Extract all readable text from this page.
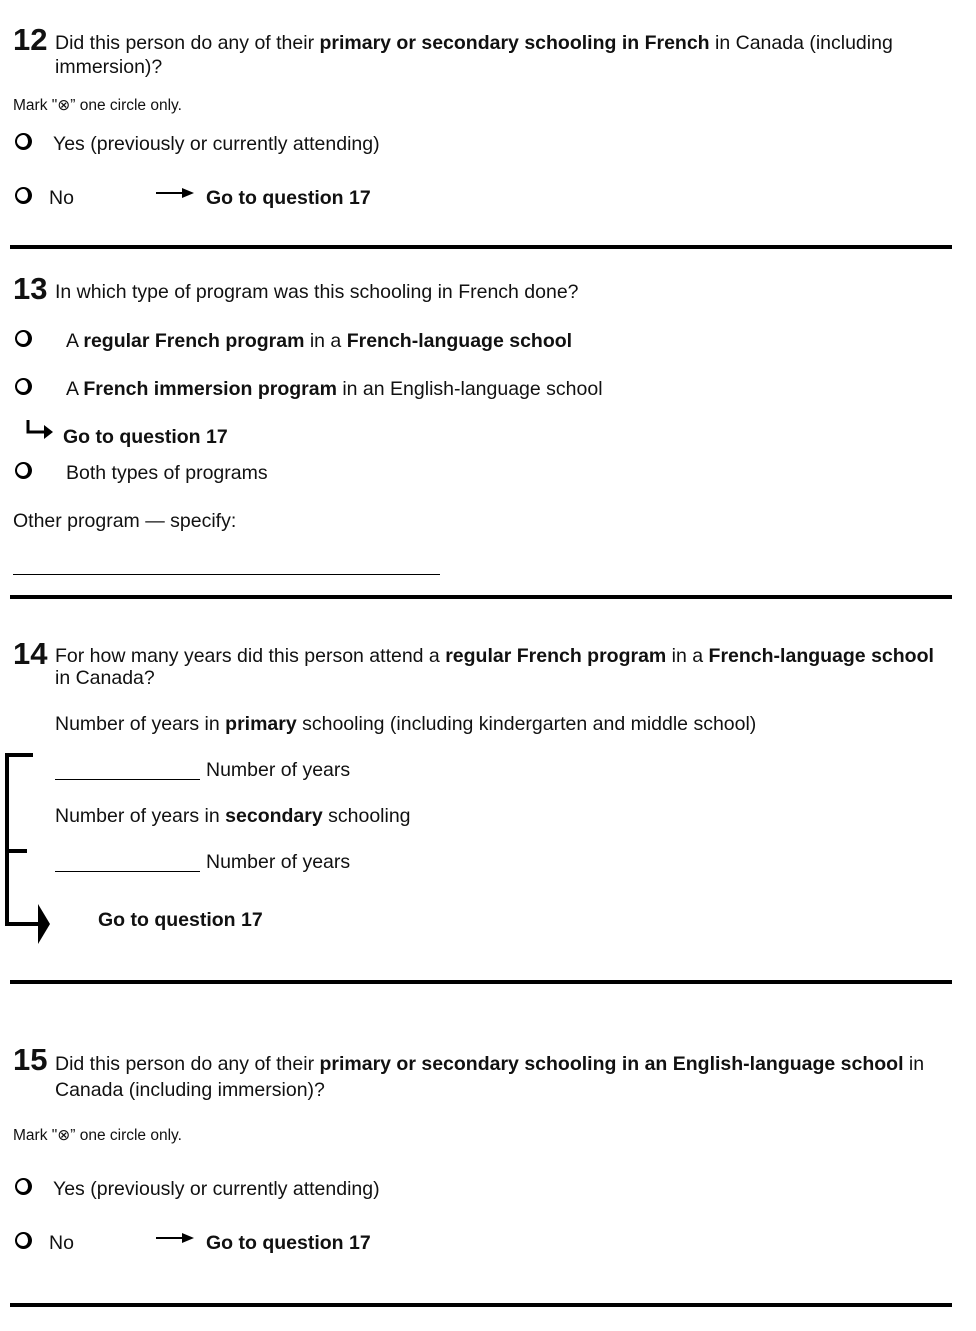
12 Did this person do any of their primary or secondary schooling in French in Canada (including immersion)?
Mark "⊗” one circle only.
Yes (previously or currently attending)
No	Go to question 17
13 In which type of program was this schooling in French done?
A regular French program in a French-language school
A French immersion program in an English-language school
Go to question 17
Both types of programs
Other program — specify:
14 For how many years did this person attend a regular French program in a French-language school in Canada?
Number of years in primary schooling (including kindergarten and middle school)
Number of years
Number of years in secondary schooling
Number of years
Go to question 17
15 Did this person do any of their primary or secondary schooling in an English-language school in Canada (including immersion)?
Mark "⊗” one circle only.
Yes (previously or currently attending)
No	Go to question 17
